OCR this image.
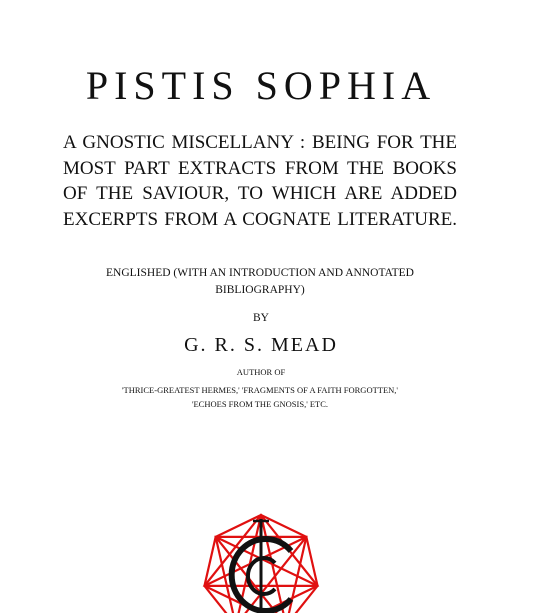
PISTIS SOPHIA
A GNOSTIC MISCELLANY : BEING FOR THE
MOST PART EXTRACTS FROM THE BOOKS
OF THE SAVIOUR, TO WHICH ARE ADDED
EXCERPTS FROM A COGNATE LITERATURE.
ENGLISHED (WITH AN INTRODUCTION AND ANNOTATED
BIBLIOGRAPHY)
BY
G. R. S. MEAD
AUTHOR OF
'THRICE-GREATEST HERMES,' 'FRAGMENTS OF A FAITH FORGOTTEN,'
'ECHOES FROM THE GNOSIS,' ETC.
